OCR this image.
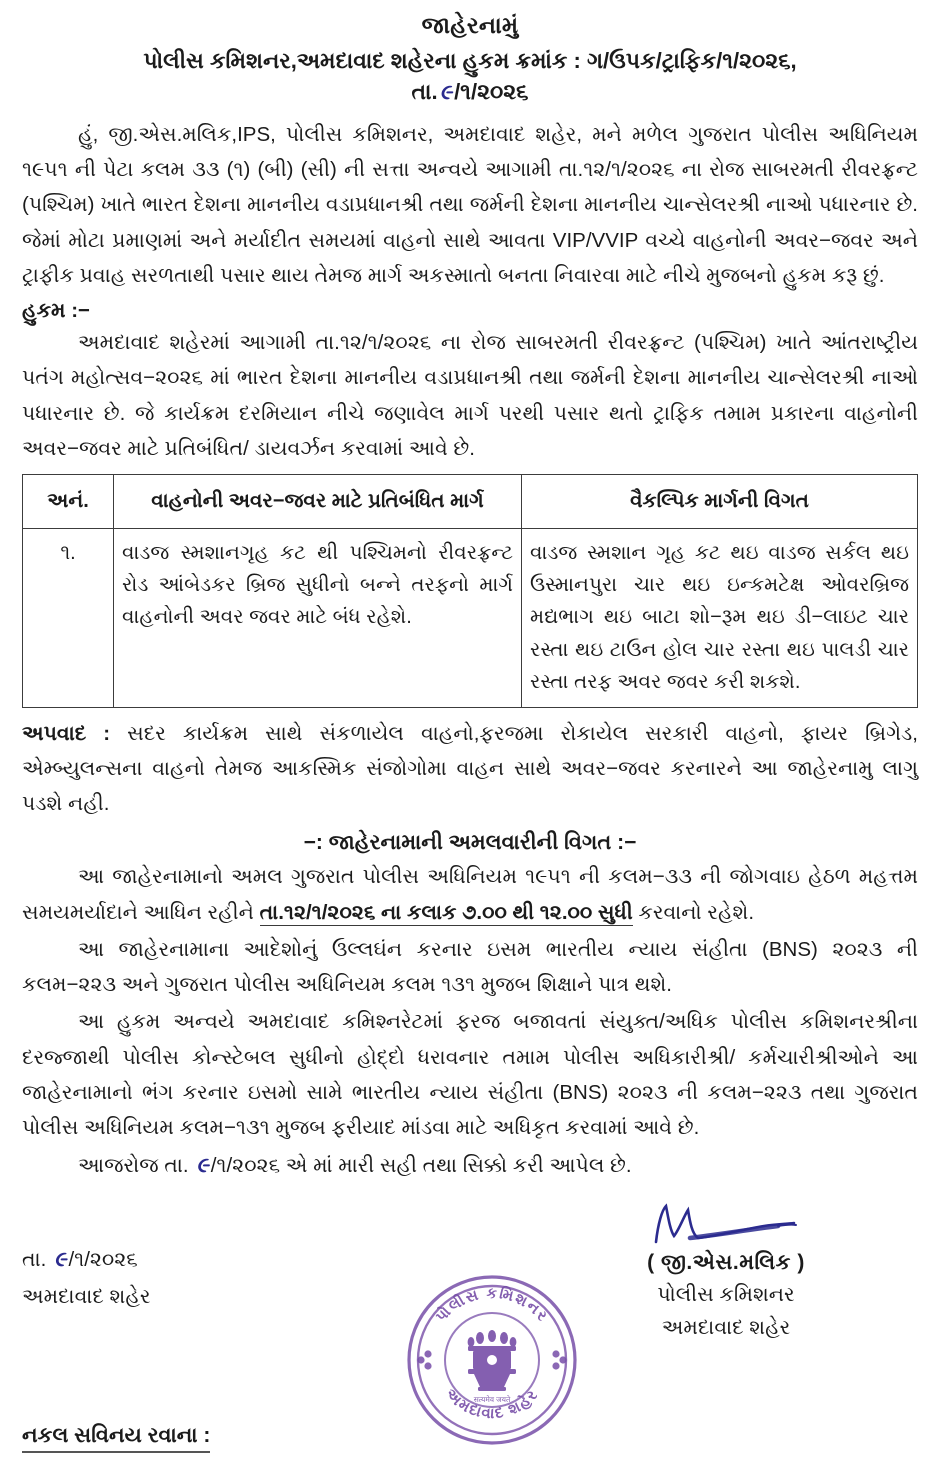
જાહેરનામું
પોલીસ કમિશનર,અમદાવાદ શહેરના હુકમ ક્રમાંક : ગ/ઉપક/ટ્રાફિક/૧/૨૦૨૬,
તા.૯/૧/૨૦૨૬

હું, જી.એસ.મલિક,IPS, પોલીસ કમિશનર, અમદાવાદ શહેર, મને મળેલ ગુજરાત પોલીસ અધિનિયમ ૧૯૫૧ ની પેટા કલમ ૩૩ (૧) (બી) (સી) ની સત્તા અન્વયે આગામી તા.૧૨/૧/૨૦૨૬ ના રોજ સાબરમતી રીવરફ્રન્ટ (પશ્ચિમ) ખાતે ભારત દેશના માનનીય વડાપ્રધાનશ્રી તથા જર્મની દેશના માનનીય ચાન્સેલરશ્રી નાઓ પધારનાર છે. જેમાં મોટા પ્રમાણમાં અને મર્યાદીત સમયમાં વાહનો સાથે આવતા VIP/VVIP વચ્ચે વાહનોની અવર−જવર અને ટ્રાફીક પ્રવાહ સરળતાથી પસાર થાય તેમજ માર્ગ અકસ્માતો બનતા નિવારવા માટે નીચે મુજબનો હુકમ કરૂ છું.

હુકમ :−

અમદાવાદ શહેરમાં આગામી તા.૧૨/૧/૨૦૨૬ ના રોજ સાબરમતી રીવરફ્રન્ટ (પશ્ચિમ) ખાતે આંતરાષ્ટ્રીય પતંગ મહોત્સવ−૨૦૨૬ માં ભારત દેશના માનનીય વડાપ્રધાનશ્રી તથા જર્મની દેશના માનનીય ચાન્સેલરશ્રી નાઓ પધારનાર છે. જે કાર્યક્રમ દરમિયાન નીચે જણાવેલ માર્ગ પરથી પસાર થતો ટ્રાફિક તમામ પ્રકારના વાહનોની અવર−જવર માટે પ્રતિબંધિત/ ડાયવર્ઝન કરવામાં આવે છે.

અનં.	વાહનોની અવર−જવર માટે પ્રતિબંધિત માર્ગ	વૈકલ્પિક માર્ગની વિગત
૧.	વાડજ સ્મશાનગૃહ કટ થી પશ્ચિમનો રીવરફ્રન્ટ રોડ આંબેડકર બ્રિજ સુધીનો બન્ને તરફનો માર્ગ વાહનોની અવર જવર માટે બંધ રહેશે.	વાડજ સ્મશાન ગૃહ કટ થઇ વાડજ સર્કલ થઇ ઉસ્માનપુરા ચાર થઇ ઇન્કમટેક્ષ ઓવરબ્રિજ મદ્યભાગ થઇ બાટા શો−રૂમ થઇ ડી−લાઇટ ચાર રસ્તા થઇ ટાઉન હોલ ચાર રસ્તા થઇ પાલડી ચાર રસ્તા તરફ અવર જવર કરી શકશે.

અપવાદ : સદર કાર્યક્રમ સાથે સંકળાયેલ વાહનો,ફરજમા રોકાયેલ સરકારી વાહનો, ફાયર બ્રિગેડ, એમ્બ્યુલન્સના વાહનો તેમજ આકસ્મિક સંજોગોમા વાહન સાથે અવર−જવર કરનારને આ જાહેરનામુ લાગુ પડશે નહી.

−: જાહેરનામાની અમલવારીની વિગત :−

આ જાહેરનામાનો અમલ ગુજરાત પોલીસ અધિનિયમ ૧૯૫૧ ની કલમ−૩૩ ની જોગવાઇ હેઠળ મહત્તમ સમયમર્યાદાને આધિન રહીને તા.૧૨/૧/૨૦૨૬ ના કલાક ૭.૦૦ થી ૧૨.૦૦ સુધી કરવાનો રહેશે.

આ જાહેરનામાના આદેશોનું ઉલ્લઘંન કરનાર ઇસમ ભારતીય ન્યાય સંહીતા (BNS) ૨૦૨૩ ની કલમ−૨૨૩ અને ગુજરાત પોલીસ અધિનિયમ કલમ ૧૩૧ મુજબ શિક્ષાને પાત્ર થશે.

આ હુકમ અન્વયે અમદાવાદ કમિશ્નરેટમાં ફરજ બજાવતાં સંયુક્ત/અધિક પોલીસ કમિશનરશ્રીના દરજ્જાથી પોલીસ કોન્સ્ટેબલ સુધીનો હોદ્દો ધરાવનાર તમામ પોલીસ અધિકારીશ્રી/ કર્મચારીશ્રીઓને આ જાહેરનામાનો ભંગ કરનાર ઇસમો સામે ભારતીય ન્યાય સંહીતા (BNS) ૨૦૨૩ ની કલમ−૨૨૩ તથા ગુજરાત પોલીસ અધિનિયમ કલમ−૧૩૧ મુજબ ફરીયાદ માંડવા માટે અધિકૃત કરવામાં આવે છે.

આજરોજ તા. ૯/૧/૨૦૨૬ એ માં મારી સહી તથા સિક્કો કરી આપેલ છે.

તા. ૯/૧/૨૦૨૬
અમદાવાદ શહેર
( જી.એસ.મલિક )
પોલીસ કમિશનર
અમદાવાદ શહેર
પોલીસ કમિશનર
અમદાવાદ શહેર
सत्यमेव जयते
નકલ સવિનય રવાના :
